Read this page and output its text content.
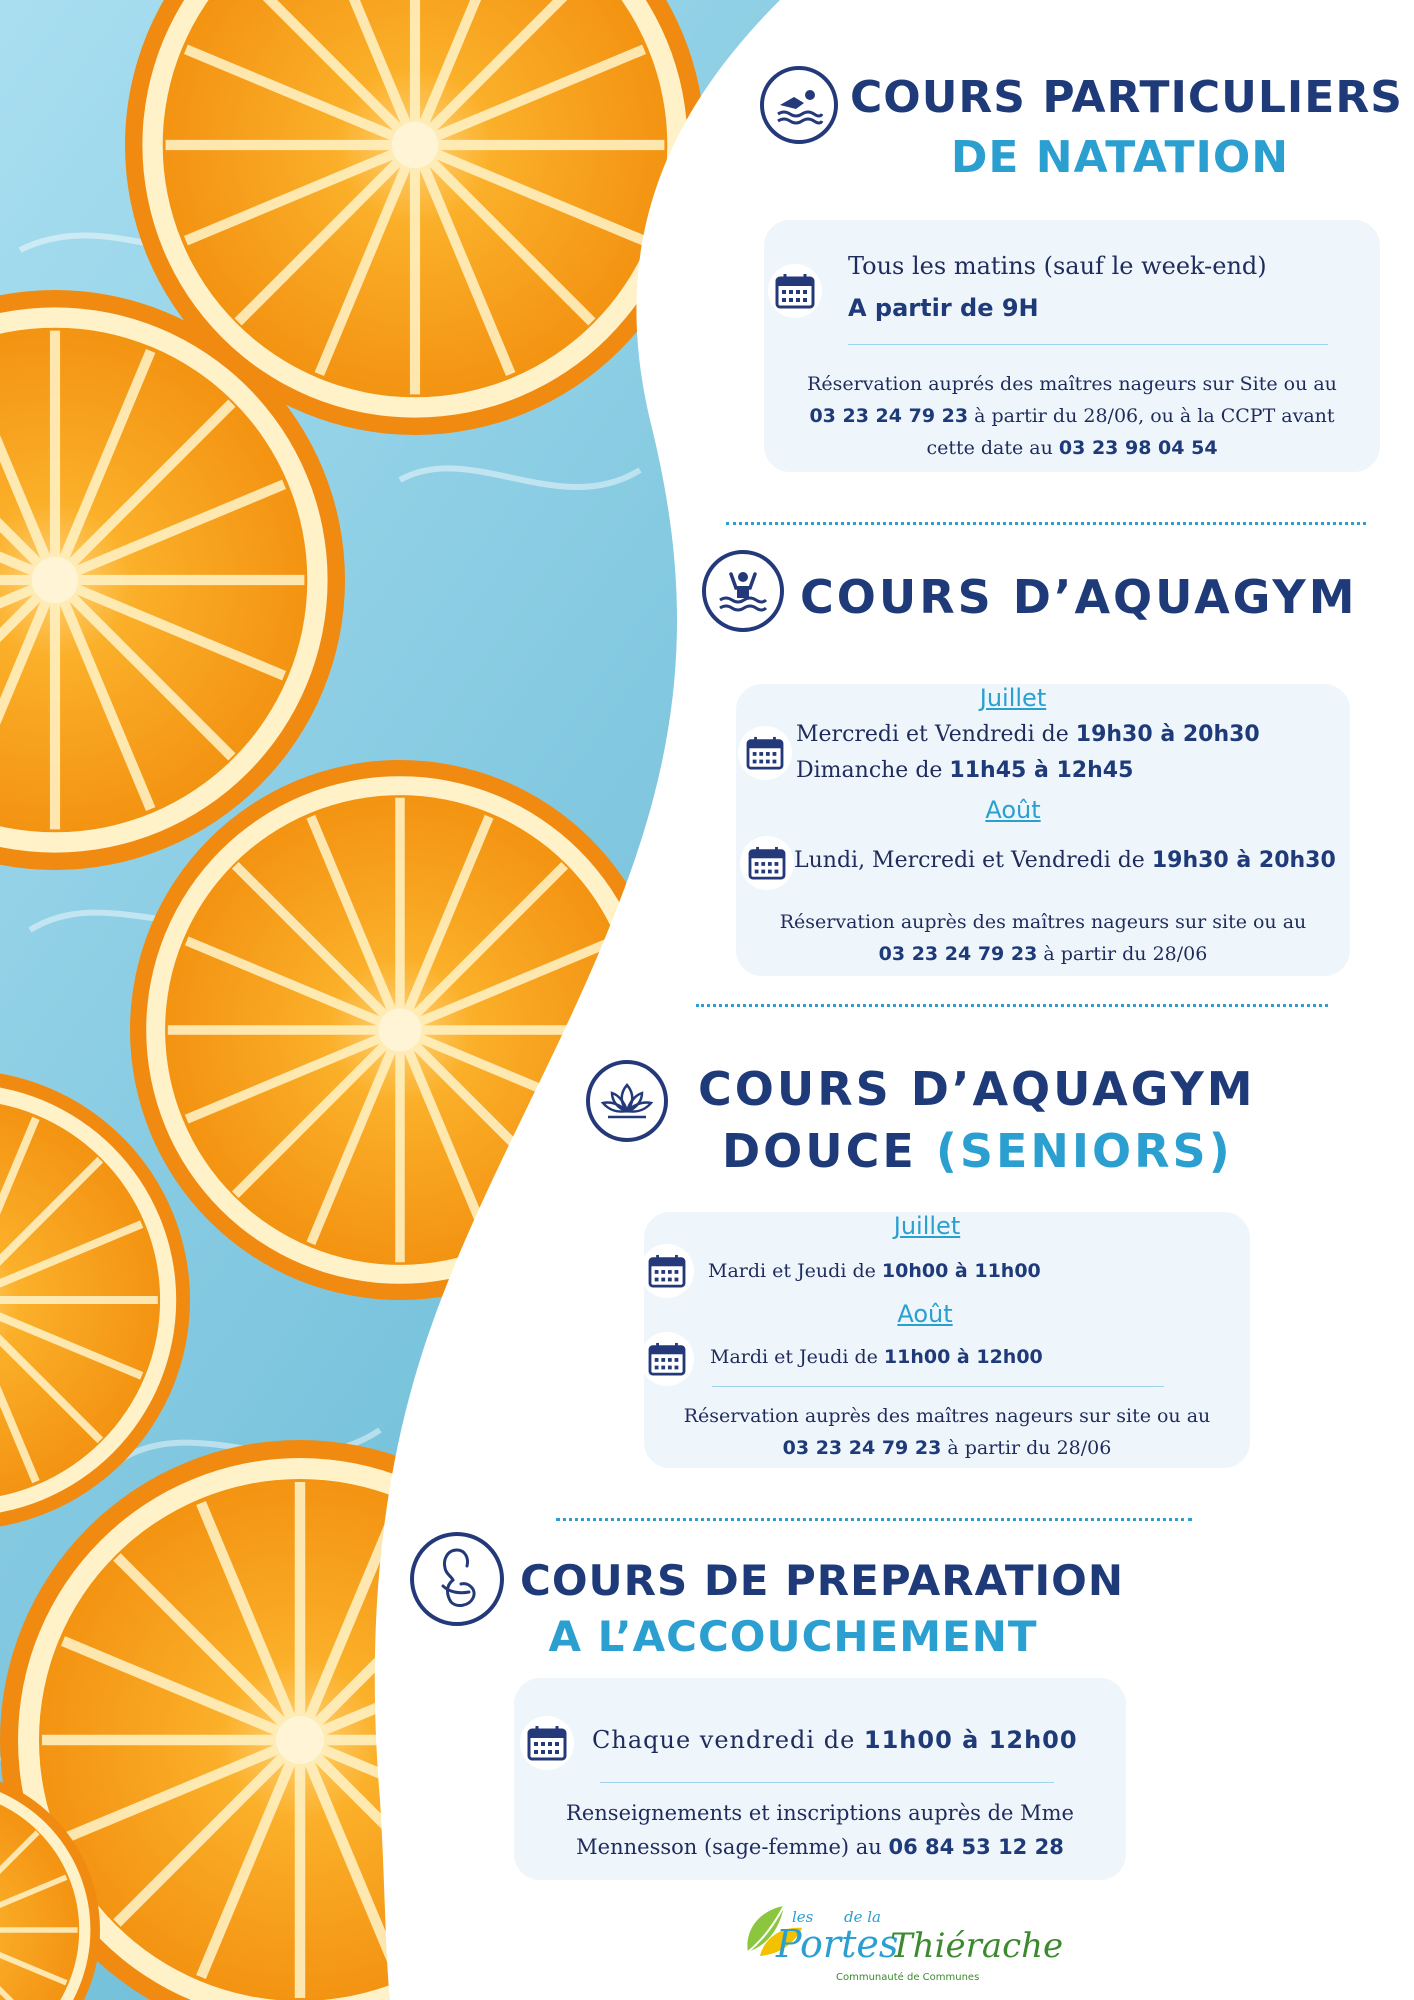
COURS PARTICULIERS
DE NATATION
Tous les matins (sauf le week-end)
A partir de 9H
Réservation auprés des maîtres nageurs sur Site ou au
03 23 24 79 23 à partir du 28/06, ou à la CCPT avant
cette date au 03 23 98 04 54
COURS D’AQUAGYM
Juillet
Mercredi et Vendredi de 19h30 à 20h30
Dimanche de 11h45 à 12h45
Août
Lundi, Mercredi et Vendredi de 19h30 à 20h30
Réservation auprès des maîtres nageurs sur site ou au
03 23 24 79 23 à partir du 28/06
COURS D’AQUAGYM
DOUCE (SENIORS)
Juillet
Mardi et Jeudi de 10h00 à 11h00
Août
Mardi et Jeudi de 11h00 à 12h00
Réservation auprès des maîtres nageurs sur site ou au
03 23 24 79 23 à partir du 28/06
COURS DE PREPARATION
A L’ACCOUCHEMENT
Chaque vendredi de 11h00 à 12h00
Renseignements et inscriptions auprès de Mme
Mennesson (sage-femme) au 06 84 53 12 28
les de la
Portes
Thiérache
Communauté de Communes
